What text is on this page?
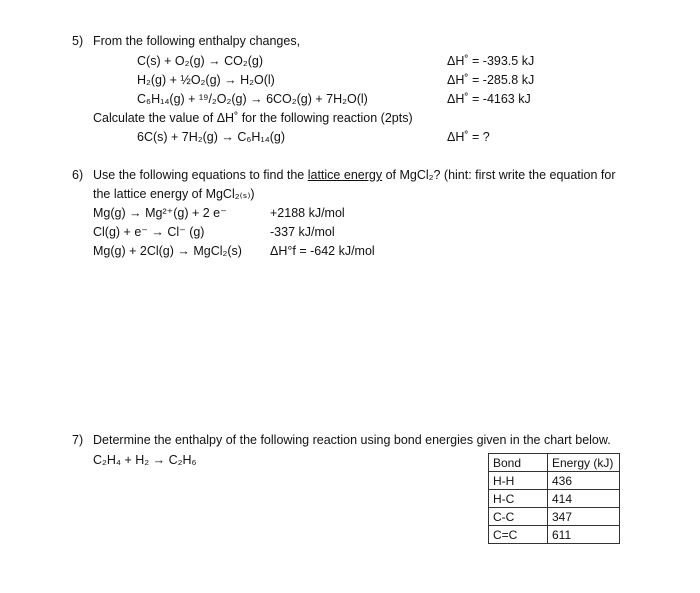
5) From the following enthalpy changes,
C(s) + O₂(g) → CO₂(g)	ΔH˚ = -393.5 kJ
H₂(g) + ½O₂(g) → H₂O(l)	ΔH˚ = -285.8 kJ
C₆H₁₄(g) + ¹⁹/₂O₂(g) → 6CO₂(g) + 7H₂O(l)	ΔH˚ = -4163 kJ
Calculate the value of ΔH˚ for the following reaction (2pts)
6C(s) + 7H₂(g) → C₆H₁₄(g)	ΔH˚ = ?
6) Use the following equations to find the lattice energy of MgCl₂? (hint: first write the equation for
the lattice energy of MgCl₂₍ₛ₎)
Mg(g) → Mg²⁺(g) + 2 e⁻	+2188 kJ/mol
Cl(g) + e⁻ → Cl⁻ (g)	-337 kJ/mol
Mg(g) + 2Cl(g) → MgCl₂(s) ΔH°f = -642 kJ/mol
7) Determine the enthalpy of the following reaction using bond energies given in the chart below.
C₂H₄ + H₂ → C₂H₆	Bond	Energy (kJ)
H-H	436
H-C	414
C-C	347
C=C	611
